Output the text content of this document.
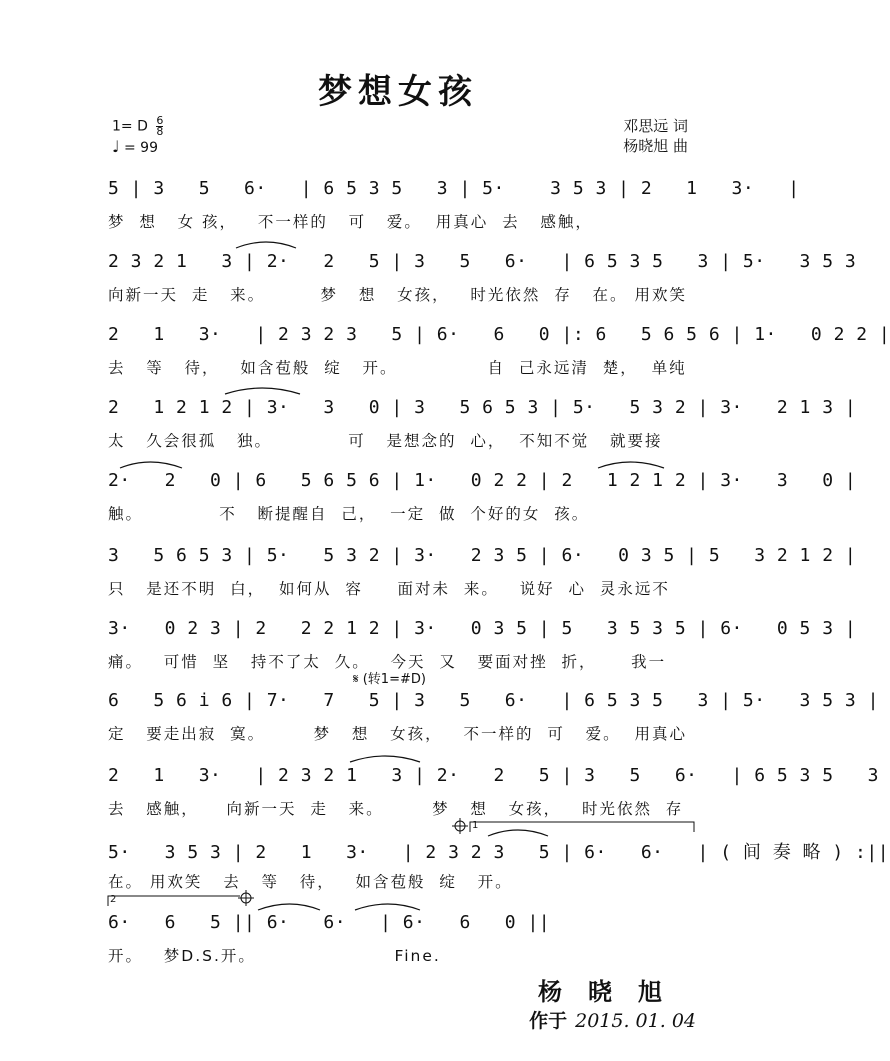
梦想女孩
1= D $\frac{6}{8}$
♩ = 99
邓思远 词
杨晓旭 曲
5 | 3   5   6·   | 6 5 3 5   3 | 5·    3 5 3 | 2   1   3·   |
梦  想   女 孩，   不一样的   可   爱。  用真心  去   感触，
2 3 2 1   3 | 2·   2   5 | 3   5   6·   | 6 5 3 5   3 | 5·   3 5 3
向新一天  走   来。        梦   想   女孩，   时光依然  存   在。 用欢笑
2   1   3·   | 2 3 2 3   5 | 6·   6   0 |: 6   5 6 5 6 | 1·   0 2 2 |
去   等   待，   如含苞般  绽   开。             自  己永远清  楚，  单纯
2   1 2 1 2 | 3·   3   0 | 3   5 6 5 3 | 5·   5 3 2 | 3·   2 1 3 |
太   久会很孤   独。           可   是想念的  心，  不知不觉   就要接
2·   2   0 | 6   5 6 5 6 | 1·   0 2 2 | 2   1 2 1 2 | 3·   3   0 |
触。           不   断提醒自  己，  一定  做  个好的女  孩。
3   5 6 5 3 | 5·   5 3 2 | 3·   2 3 5 | 6·   0 3 5 | 5   3 2 1 2 |
只   是还不明  白，  如何从  容     面对未  来。   说好  心  灵永远不
3·   0 2 3 | 2   2 2 1 2 | 3·   0 3 5 | 5   3 5 3 5 | 6·   0 5 3 |
痛。   可惜  坚   持不了太  久。   今天  又   要面对挫  折，     我一
𝄋 (转1=#D)
6   5 6 i 6 | 7·   7   5 | 3   5   6·   | 6 5 3 5   3 | 5·   3 5 3 |
定   要走出寂  寞。       梦   想   女孩，   不一样的  可   爱。  用真心
2   1   3·   | 2 3 2 1   3 | 2·   2   5 | 3   5   6·   | 6 5 3 5   3
去   感触，    向新一天  走   来。       梦   想   女孩，   时光依然  存
1
5·   3 5 3 | 2   1   3·   | 2 3 2 3   5 | 6·   6·   | ( 间 奏 略 ) :||
在。 用欢笑   去   等   待，   如含苞般  绽   开。
2
6·   6   5 || 6·   6·   | 6·   6   0 ||
开。   梦D.S.开。                    Fine.
杨晓旭
作于 2015. 01. 04
